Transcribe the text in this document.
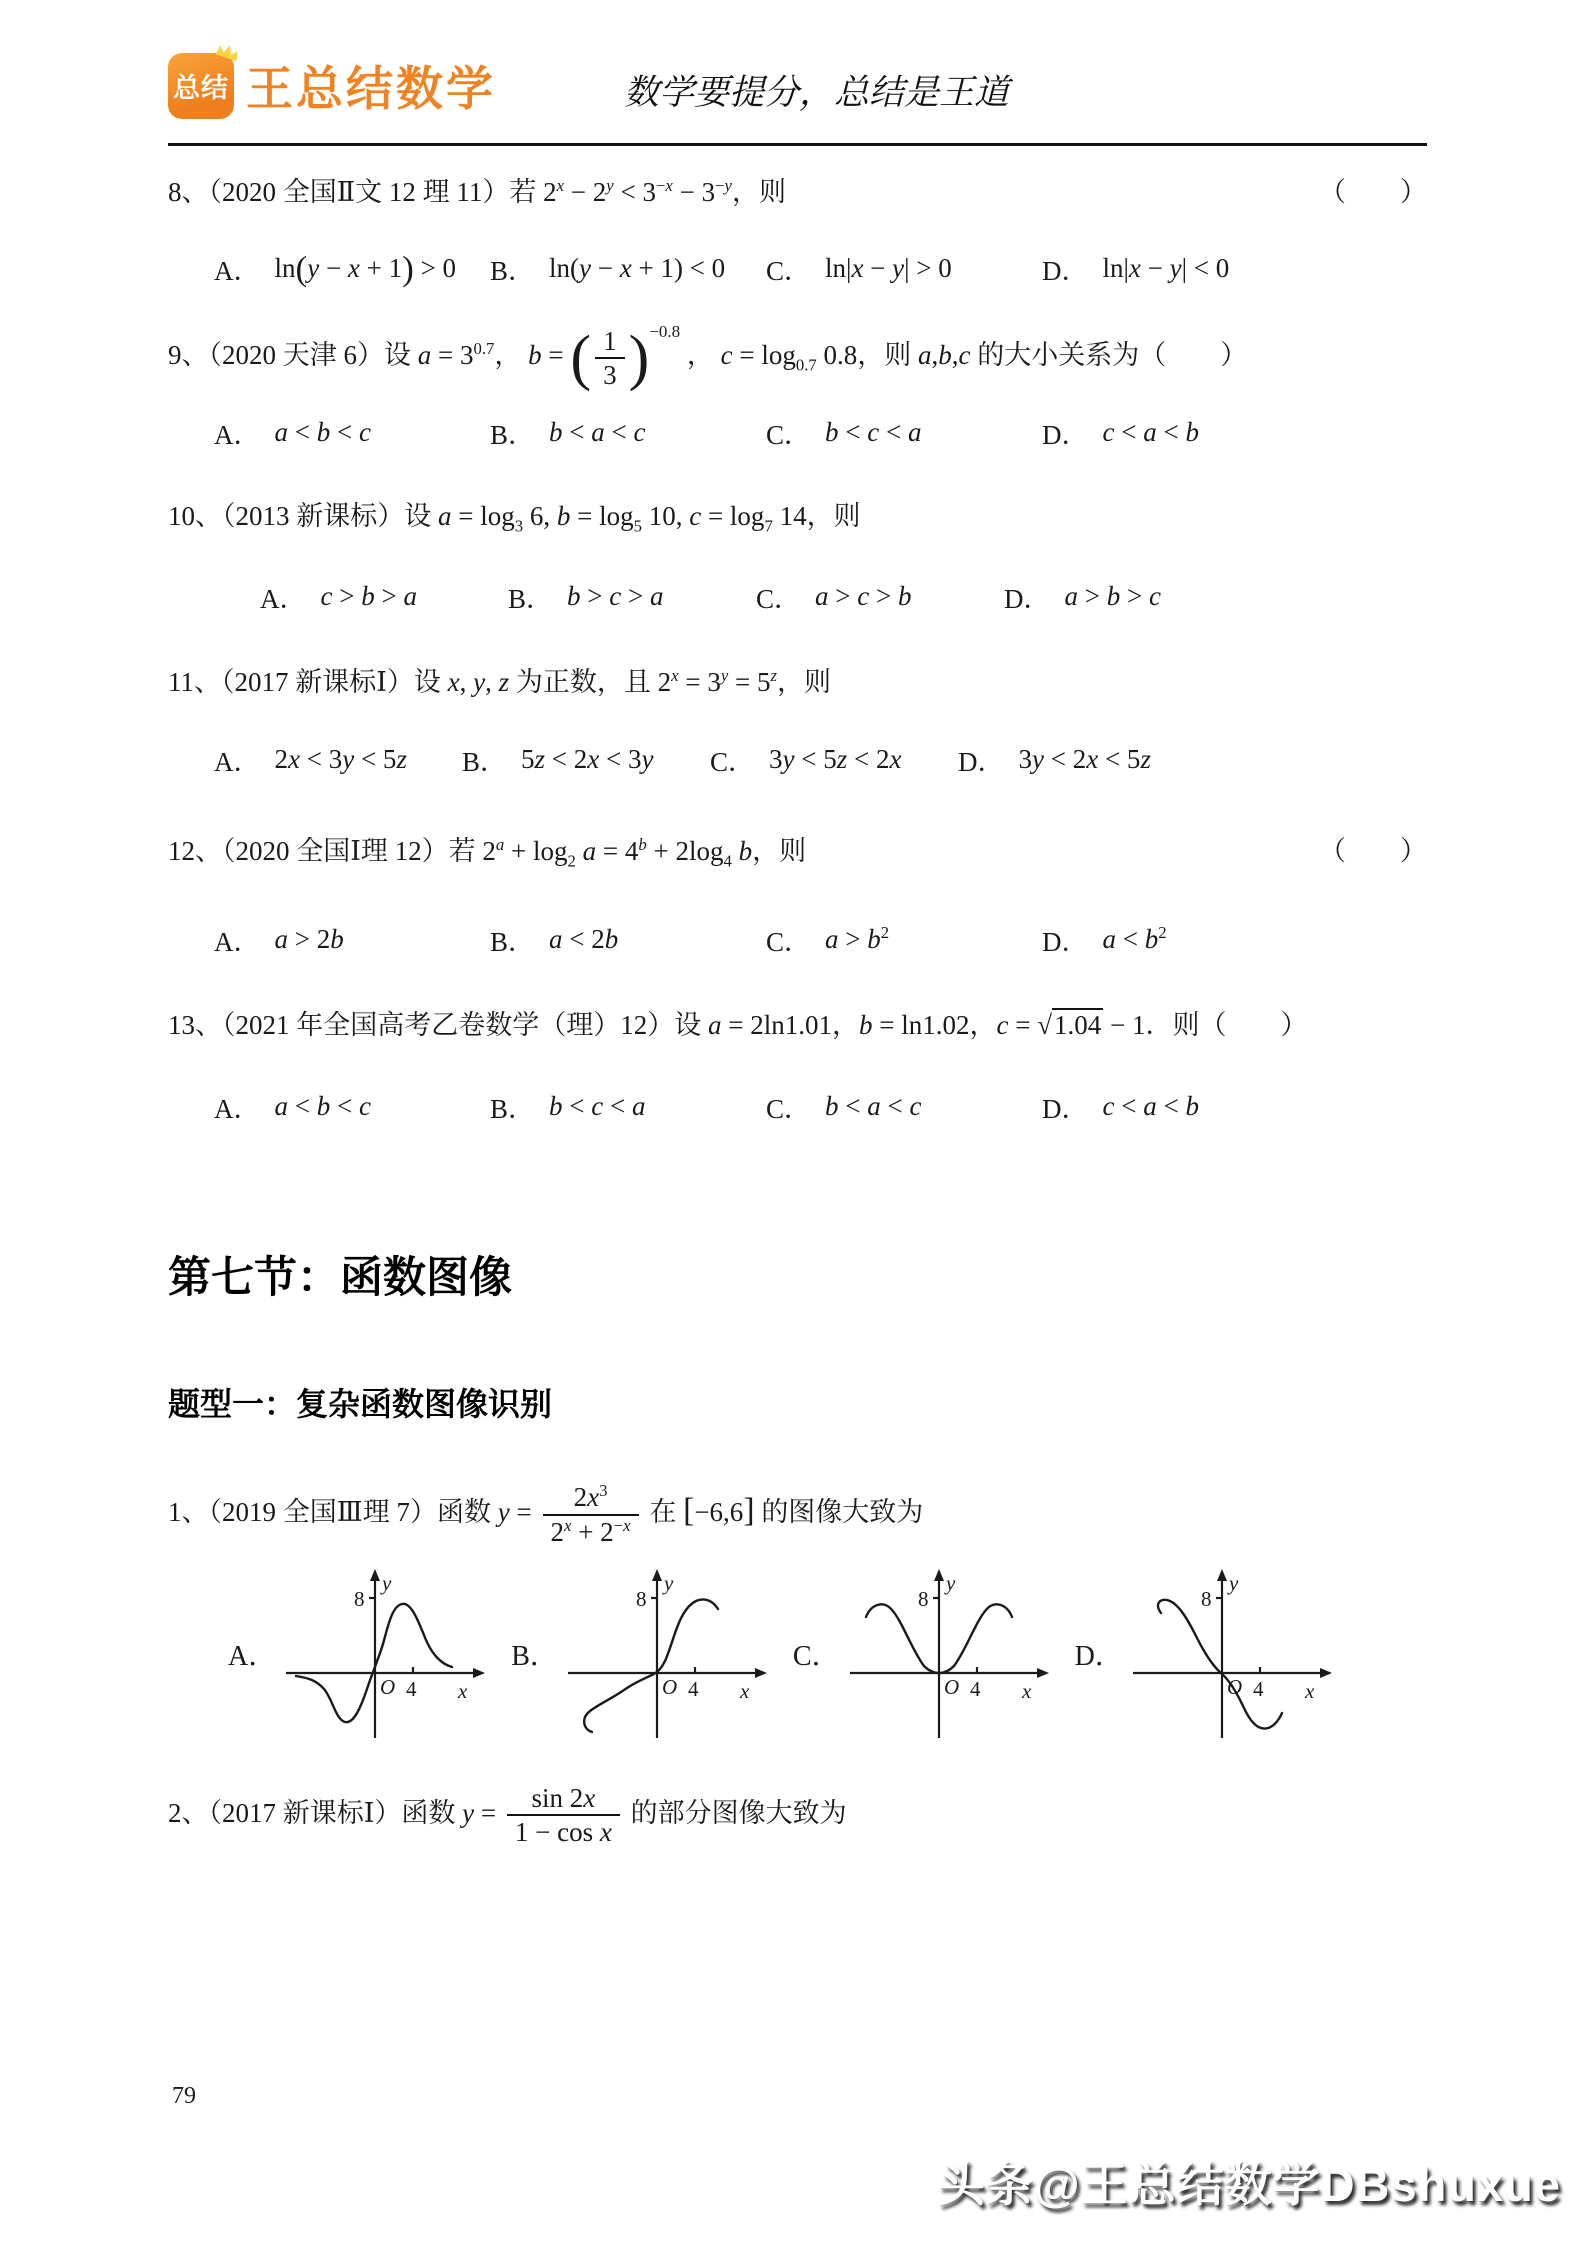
总结 王总结数学	数学要提分，总结是王道
（　　）
8、（2020 全国Ⅱ文 12 理 11）若 $2^x - 2^y < 3^{-x} - 3^{-y}$，则
A． ln(y − x + 1) > 0 B． ln(y − x + 1) < 0 C． ln|x − y| > 0	D． ln|x − y| < 0
9、（2020 天津 6）设 $a = 3^{0.7}$， b = ( $\frac{1}{3} )-0.8$ ， $c = \log_{0.7} 0.8$，则 a,b,c 的大小关系为（　　）
A． a < b < c	B． b < a < c	C． b < c < a	D． c < a < b
10、（2013 新课标）设 $a = \log_3 6$, $b = \log_5 10$, $c = \log_7 14$，则
A． c > b > a	B． b > c > a	C． a > c > b	D． a > b > c
11、（2017 新课标Ⅰ）设 x, y, z 为正数，且 $2^x = 3^y = 5^z$，则
A． 2x < 3y < 5z B． 5z < 2x < 3y C． 3y < 5z < 2x D． 3y < 2x < 5z
（　　）
12、（2020 全国Ⅰ理 12）若 $2^a + \log_2 a = 4^b + 2\log_4$ b，则
A． a > 2b	B． a < 2b	C． $a > b^2$	D． $a < b^2$
13、（2021 年全国高考乙卷数学（理）12）设 a = 2ln1.01，b = ln1.02，c = √1.04 − 1．则（　　）
A． a < b < c	B． b < c < a	C． b < a < c	D． c < a < b
第七节：函数图像
题型一：复杂函数图像识别
1、（2019 全国Ⅲ理 7）函数 $y = \frac{2x^3}{2^x + 2^{-x}}$ 在 [−6,6] 的图像大致为
A．
y
8
O 4 x
B．
y
8
O 4 x
C．
y
8
O 4 x
D．
y
8
O 4 x
2、（2017 新课标Ⅰ）函数 $y = \frac{\sin 2x}{\text{1 − cos x}}$ 的部分图像大致为
79
头条@王总结数学DBshuxue
